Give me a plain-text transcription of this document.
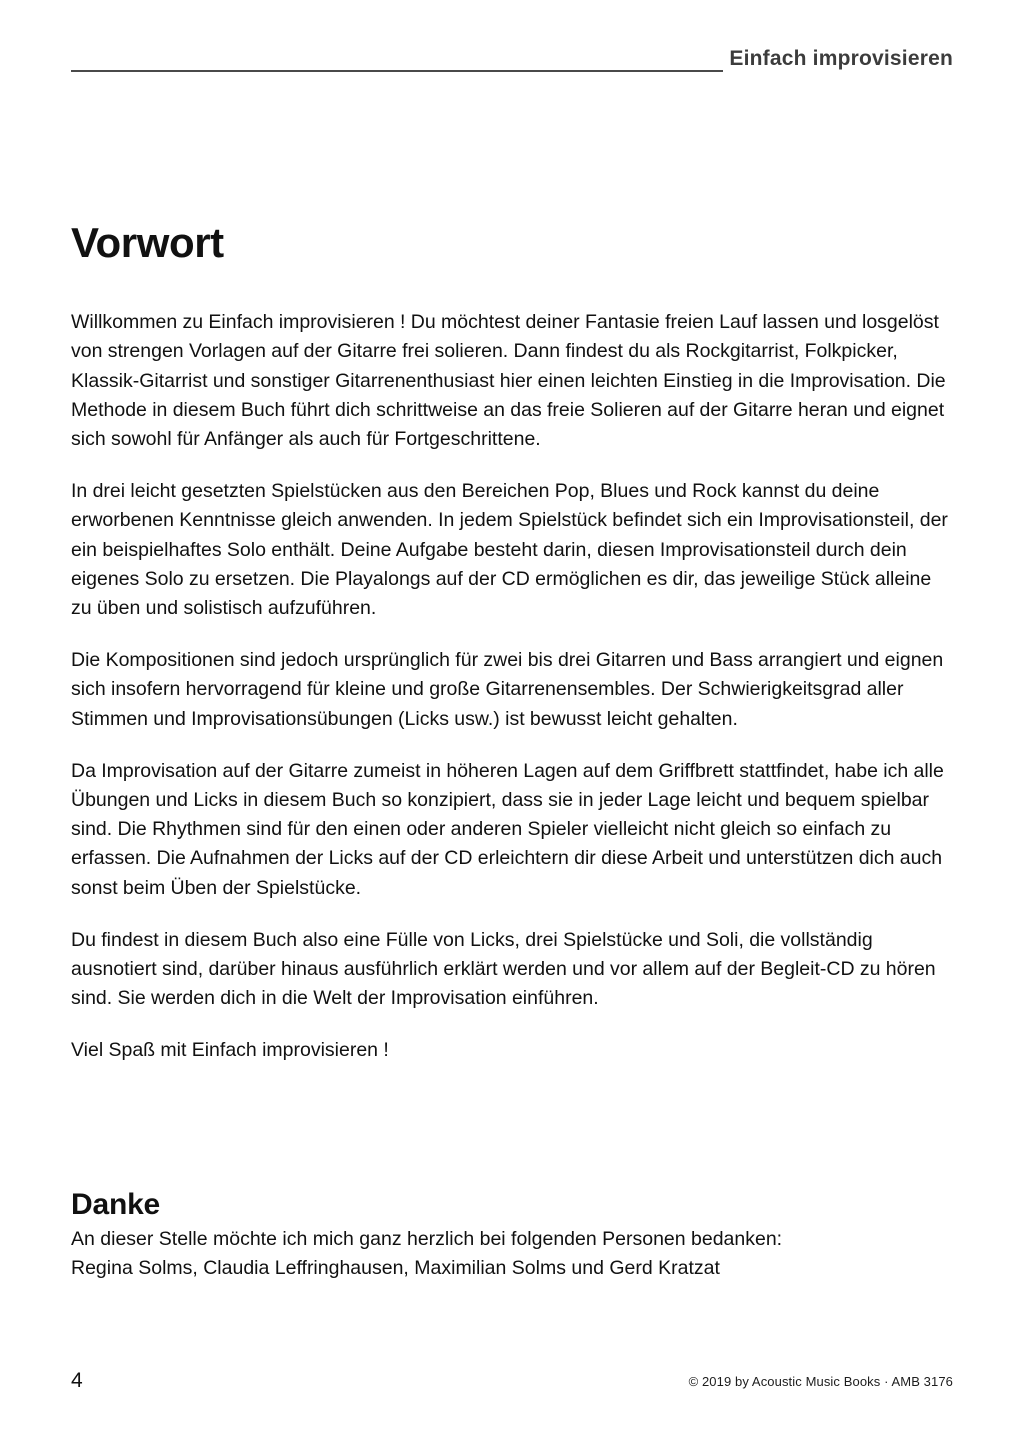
Einfach improvisieren
Vorwort

Willkommen zu Einfach improvisieren ! Du möchtest deiner Fantasie freien Lauf lassen und losgelöst von strengen Vorlagen auf der Gitarre frei solieren. Dann findest du als Rockgitarrist, Folkpicker, Klassik-Gitarrist und sonstiger Gitarrenenthusiast hier einen leichten Einstieg in die Improvisation. Die Methode in diesem Buch führt dich schrittweise an das freie Solieren auf der Gitarre heran und eignet sich sowohl für Anfänger als auch für Fortgeschrittene.

In drei leicht gesetzten Spielstücken aus den Bereichen Pop, Blues und Rock kannst du deine erworbenen Kenntnisse gleich anwenden. In jedem Spielstück befindet sich ein Improvisationsteil, der ein beispielhaftes Solo enthält. Deine Aufgabe besteht darin, diesen Improvisationsteil durch dein eigenes Solo zu ersetzen. Die Playalongs auf der CD ermöglichen es dir, das jeweilige Stück alleine zu üben und solistisch aufzuführen.

Die Kompositionen sind jedoch ursprünglich für zwei bis drei Gitarren und Bass arrangiert und eignen sich insofern hervorragend für kleine und große Gitarrenensembles. Der Schwierigkeitsgrad aller Stimmen und Improvisationsübungen (Licks usw.) ist bewusst leicht gehalten.

Da Improvisation auf der Gitarre zumeist in höheren Lagen auf dem Griffbrett stattfindet, habe ich alle Übungen und Licks in diesem Buch so konzipiert, dass sie in jeder Lage leicht und bequem spielbar sind. Die Rhythmen sind für den einen oder anderen Spieler vielleicht nicht gleich so einfach zu erfassen. Die Aufnahmen der Licks auf der CD erleichtern dir diese Arbeit und unterstützen dich auch sonst beim Üben der Spielstücke.

Du findest in diesem Buch also eine Fülle von Licks, drei Spielstücke und Soli, die vollständig ausnotiert sind, darüber hinaus ausführlich erklärt werden und vor allem auf der Begleit-CD zu hören sind. Sie werden dich in die Welt der Improvisation einführen.

Viel Spaß mit Einfach improvisieren !

Danke

An dieser Stelle möchte ich mich ganz herzlich bei folgenden Personen bedanken:

Regina Solms, Claudia Leffringhausen, Maximilian Solms und Gerd Kratzat

4	© 2019 by Acoustic Music Books · AMB 3176
